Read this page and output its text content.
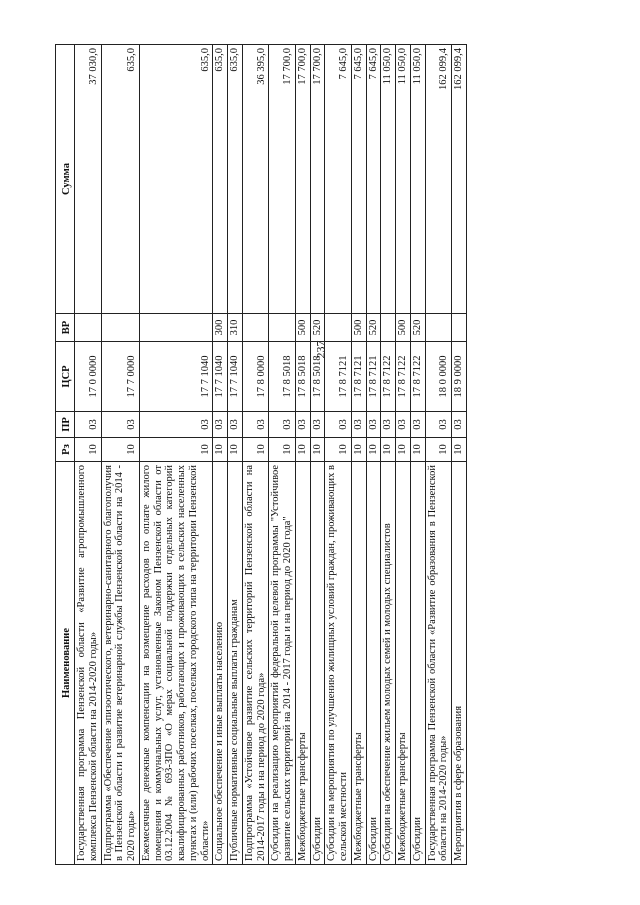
237
Наименование	Рз	ПР	ЦСР	ВР	Сумма
Государственная программа Пензенской области «Развитие агропромышленного комплекса Пензенской области на 2014-2020 годы»	10	03	17 0 0000		37 030,0
Подпрограмма «Обеспечение эпизоотического, ветеринарно-санитарного благополучия в Пензенской области и развитие ветеринарной службы Пензенской области на 2014 - 2020 годы»	10	03	17 7 0000		635,0
Ежемесячные денежные компенсации на возмещение расходов по оплате жилого помещения и коммунальных услуг, установленные Законом Пензенской области от 03.12.2004 № 693-ЗПО «О мерах социальной поддержки отдельных категорий квалифицированных работников, работающих и проживающих в сельских населенных пунктах и (или) рабочих поселках, поселках городского типа на территории Пензенской области»	10	03	17 7 1040		635,0
Социальное обеспечение и иные выплаты населению	10	03	17 7 1040	300	635,0
Публичные нормативные социальные выплаты гражданам	10	03	17 7 1040	310	635,0
Подпрограмма «Устойчивое развитие сельских территорий Пензенской области на 2014-2017 годы и на период до 2020 года»	10	03	17 8 0000		36 395,0
Субсидии на реализацию мероприятий федеральной целевой программы "Устойчивое развитие сельских территорий на 2014 - 2017 годы и на период до 2020 года"	10	03	17 8 5018		17 700,0
Межбюджетные трансферты	10	03	17 8 5018	500	17 700,0
Субсидии	10	03	17 8 5018	520	17 700,0
Субсидии на мероприятия по улучшению жилищных условий граждан, проживающих в сельской местности	10	03	17 8 7121		7 645,0
Межбюджетные трансферты	10	03	17 8 7121	500	7 645,0
Субсидии	10	03	17 8 7121	520	7 645,0
Субсидии на обеспечение жильем молодых семей и молодых специалистов	10	03	17 8 7122		11 050,0
Межбюджетные трансферты	10	03	17 8 7122	500	11 050,0
Субсидии	10	03	17 8 7122	520	11 050,0
Государственная программа Пензенской области «Развитие образования в Пензенской области на 2014-2020 годы»	10	03	18 0 0000		162 099,4
Мероприятия в сфере образования	10	03	18 9 0000		162 099,4
